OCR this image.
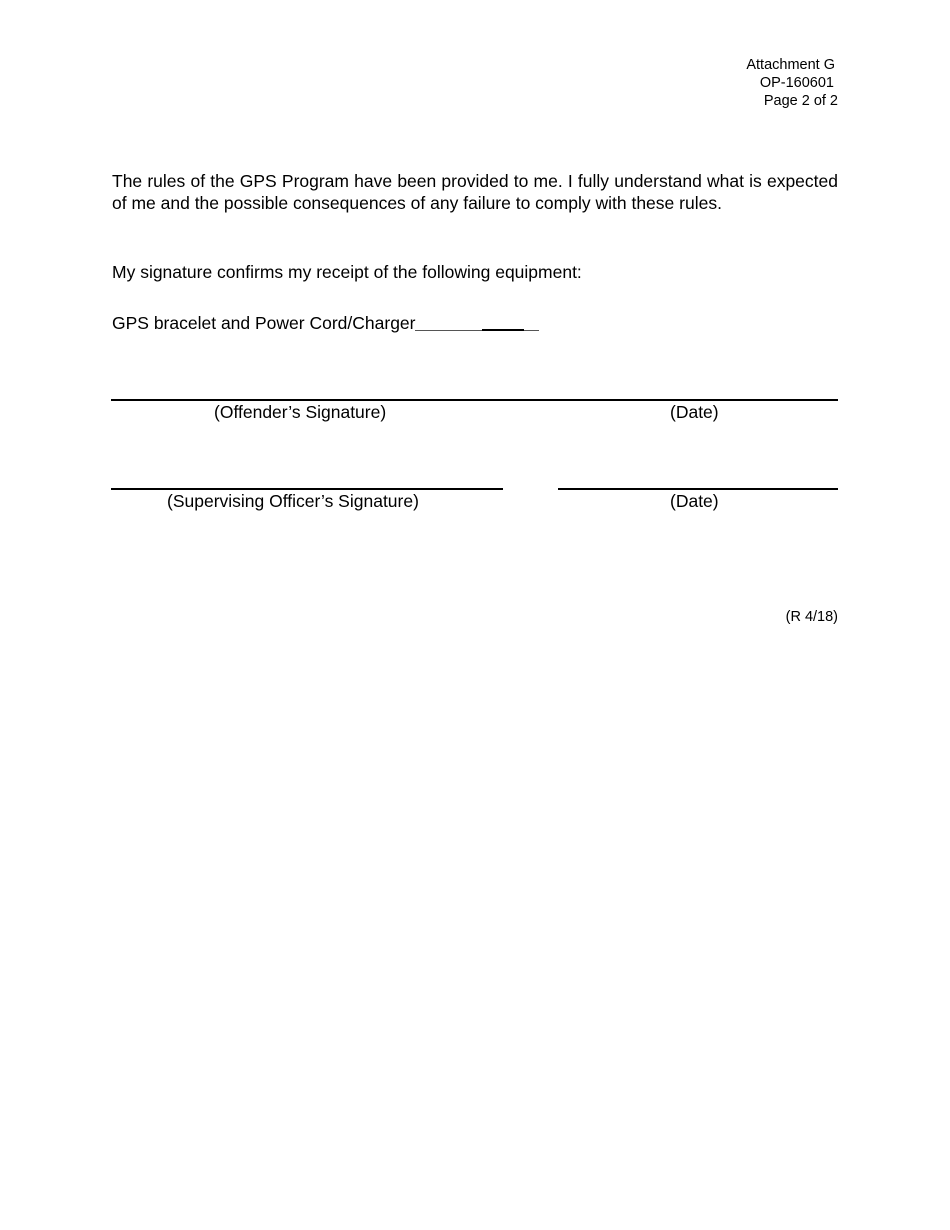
Attachment G
OP-160601
Page 2 of 2
The rules of the GPS Program have been provided to me. I fully understand what is expected of me and the possible consequences of any failure to comply with these rules.
My signature confirms my receipt of the following equipment:
GPS bracelet and Power Cord/Charger
(Offender’s Signature)	(Date)
(Supervising Officer’s Signature)	(Date)
(R 4/18)
